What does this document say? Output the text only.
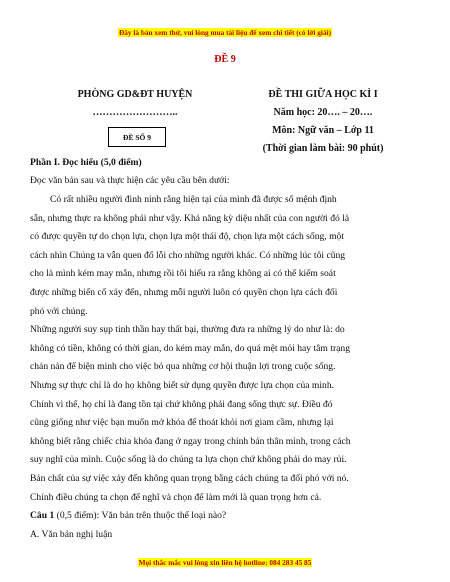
Đây là bản xem thử, vui lòng mua tài liệu để xem chi tiết (có lời giải)
ĐỀ 9
PHÒNG GD&ĐT HUYỆN
……………………..
ĐỀ SỐ 9
ĐỀ THI GIỮA HỌC KÌ I
Năm học: 20…. – 20….
Môn: Ngữ văn – Lớp 11
(Thời gian làm bài: 90 phút)
Phần I. Đọc hiểu (5,0 điểm)
Đọc văn bản sau và thực hiện các yêu cầu bên dưới:
Có rất nhiều người đinh ninh rằng hiện tại của mình đã được số mệnh định
sẵn, nhưng thực ra không phải như vậy. Khả năng kỳ diệu nhất của con người đó là
có được quyền tự do chọn lựa, chọn lựa một thái độ, chọn lựa một cách sống, một
cách nhìn Chúng ta vẫn quen đổ lỗi cho những người khác. Có những lúc tôi cũng
cho là mình kém may mắn, nhưng rồi tôi hiểu ra rằng không ai có thể kiểm soát
được những biến cố xảy đến, nhưng mỗi người luôn có quyền chọn lựa cách đối
phó với chúng.
Những người suy sụp tinh thần hay thất bại, thường đưa ra những lý do như là: do
không có tiền, không có thời gian, do kém may mắn, do quá mệt mỏi hay tâm trạng
chán nản để biện minh cho việc bỏ qua những cơ hội thuận lợi trong cuộc sống.
Nhưng sự thực chỉ là do họ không biết sử dụng quyền được lựa chọn của mình.
Chính vì thế, họ chỉ là đang tồn tại chứ không phải đang sống thực sự. Điều đó
cũng giống như việc bạn muốn mở khóa để thoát khỏi nơi giam cầm, nhưng lại
không biết rằng chiếc chìa khóa đang ở ngay trong chính bản thân mình, trong cách
suy nghĩ của mình. Cuộc sống là do chúng ta lựa chọn chứ không phải do may rủi.
Bản chất của sự việc xảy đến không quan trọng bằng cách chúng ta đối phó với nó.
Chính điều chúng ta chọn để nghĩ và chọn để làm mới là quan trọng hơn cả.
Câu 1 (0,5 điểm): Văn bản trên thuộc thể loại nào?
A. Văn bản nghị luận
Mọi thắc mắc vui lòng xin liên hệ hotline: 084 283 45 85
